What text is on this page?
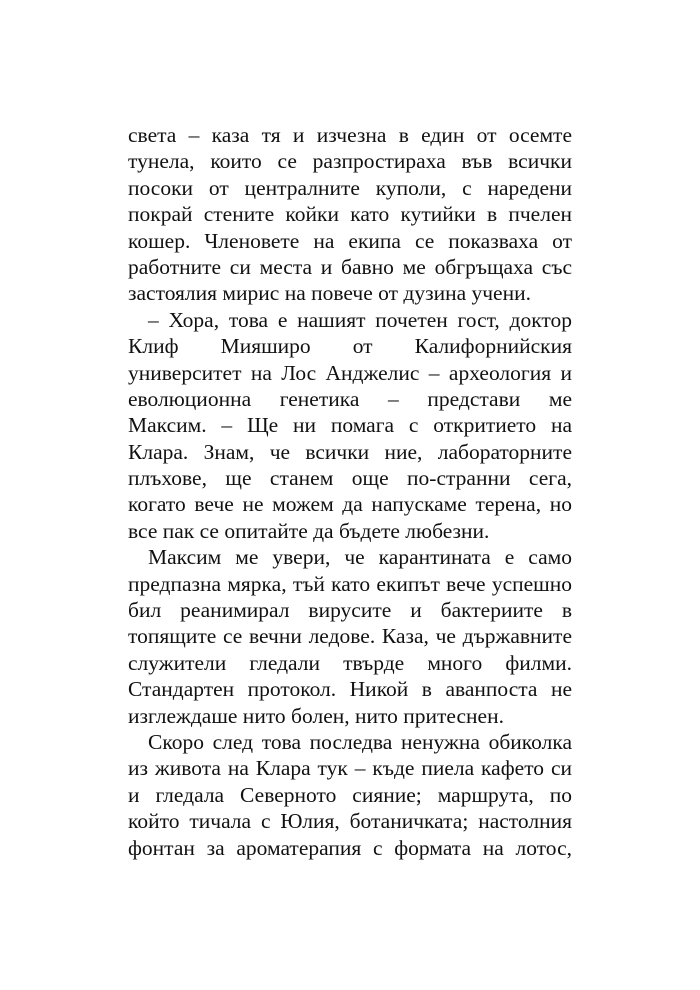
света – каза тя и изчезна в един от осемте
тунела, които се разпростираха във всички
посоки от централните куполи, с наредени
покрай стените койки като кутийки в пчелен
кошер. Членовете на екипа се показваха от
работните си места и бавно ме обгръщаха със
застоялия мирис на повече от дузина учени.
– Хора, това е нашият почетен гост, доктор
Клиф Мияширо от Калифорнийския
университет на Лос Анджелис – археология и
еволюционна генетика – представи ме
Максим. – Ще ни помага с откритието на
Клара. Знам, че всички ние, лабораторните
плъхове, ще станем още по-странни сега,
когато вече не можем да напускаме терена, но
все пак се опитайте да бъдете любезни.
Максим ме увери, че карантината е само
предпазна мярка, тъй като екипът вече успешно
бил реанимирал вирусите и бактериите в
топящите се вечни ледове. Каза, че държавните
служители гледали твърде много филми.
Стандартен протокол. Никой в аванпоста не
изглеждаше нито болен, нито притеснен.
Скоро след това последва ненужна обиколка
из живота на Клара тук – къде пиела кафето си
и гледала Северното сияние; маршрута, по
който тичала с Юлия, ботаничката; настолния
фонтан за ароматерапия с формата на лотос,
